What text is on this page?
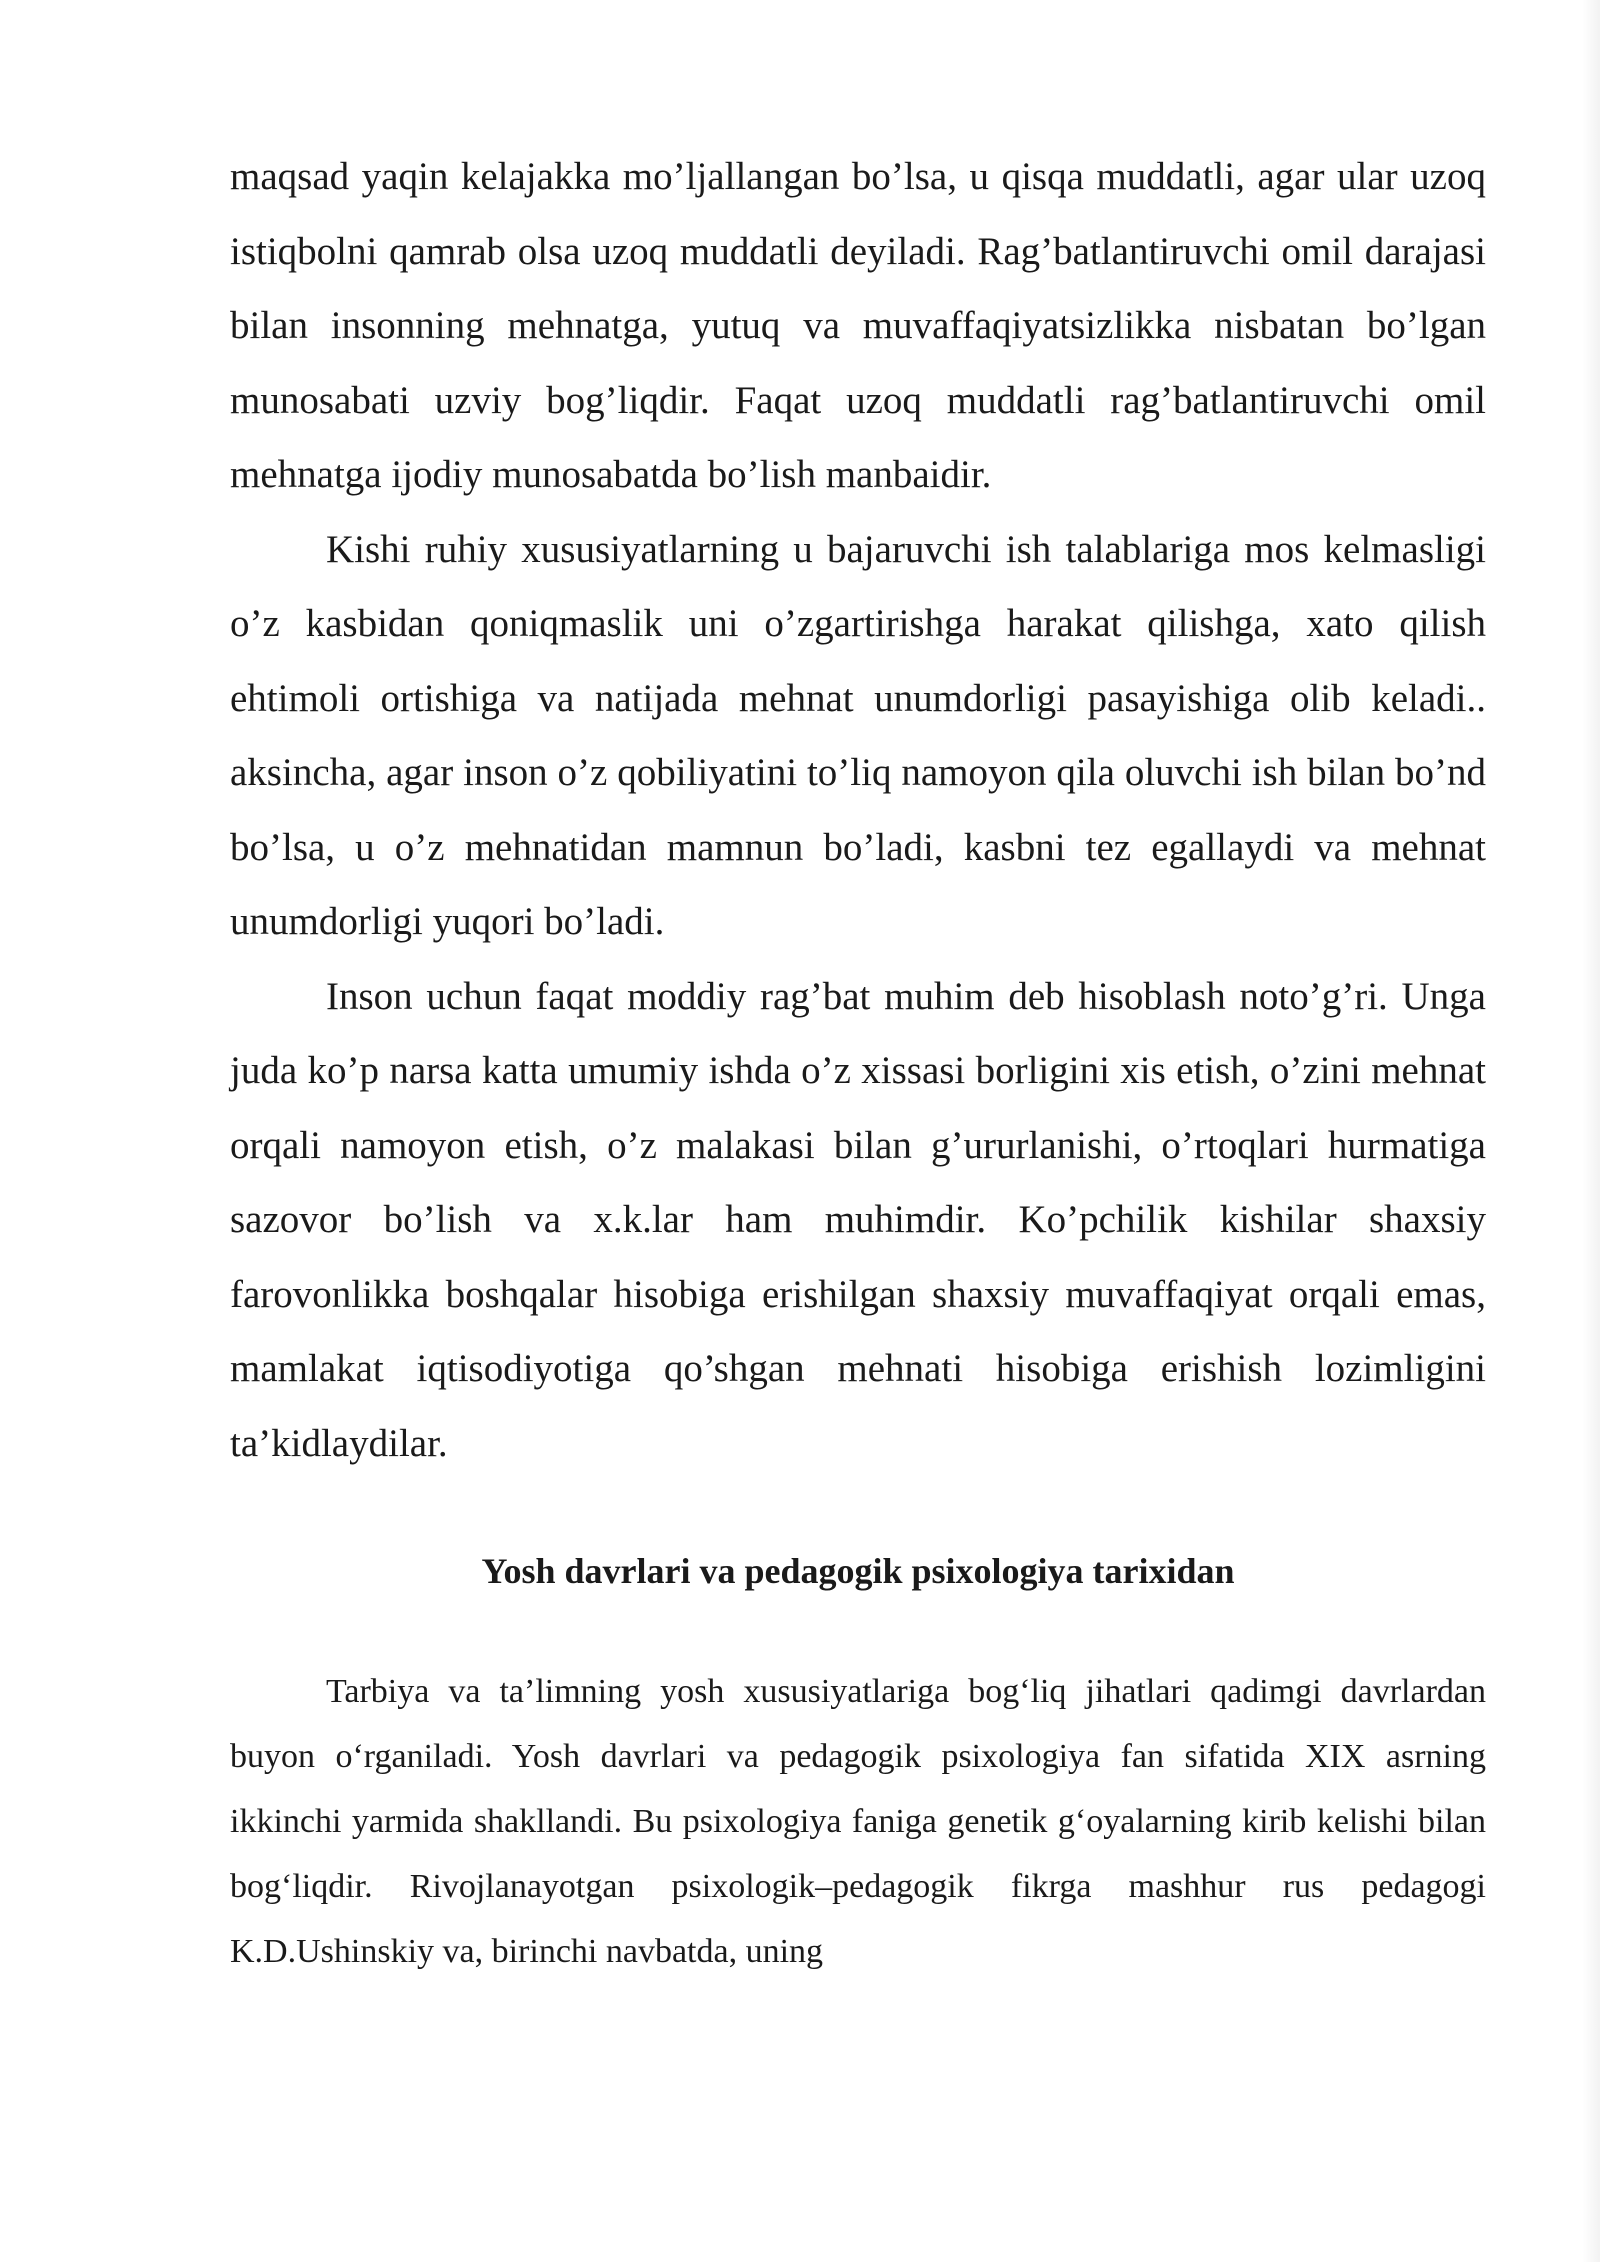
maqsad yaqin kelajakka mo’ljallangan bo’lsa, u qisqa muddatli, agar ular uzoq istiqbolni qamrab olsa uzoq muddatli deyiladi. Rag’batlantiruvchi omil darajasi bilan insonning mehnatga, yutuq va muvaffaqiyatsizlikka nisbatan bo’lgan munosabati uzviy bog’liqdir. Faqat uzoq muddatli rag’batlantiruvchi omil mehnatga ijodiy munosabatda bo’lish manbaidir.

Kishi ruhiy xususiyatlarning u bajaruvchi ish talablariga mos kelmasligi o’z kasbidan qoniqmaslik uni o’zgartirishga harakat qilishga, xato qilish ehtimoli ortishiga va natijada mehnat unumdorligi pasayishiga olib keladi.. aksincha, agar inson o’z qobiliyatini to’liq namoyon qila oluvchi ish bilan bo’nd bo’lsa, u o’z mehnatidan mamnun bo’ladi, kasbni tez egallaydi va mehnat unumdorligi yuqori bo’ladi.

Inson uchun faqat moddiy rag’bat muhim deb hisoblash noto’g’ri. Unga juda ko’p narsa katta umumiy ishda o’z xissasi borligini xis etish, o’zini mehnat orqali namoyon etish, o’z malakasi bilan g’ururlanishi, o’rtoqlari hurmatiga sazovor bo’lish va x.k.lar ham muhimdir. Ko’pchilik kishilar shaxsiy farovonlikka boshqalar hisobiga erishilgan shaxsiy muvaffaqiyat orqali emas, mamlakat iqtisodiyotiga qo’shgan mehnati hisobiga erishish lozimligini ta’kidlaydilar.

Yosh davrlari va pedagogik psixologiya tarixidan

Tarbiya va ta’limning yosh xususiyatlariga bog‘liq jihatlari qadimgi davrlardan buyon o‘rganiladi. Yosh davrlari va pedagogik psixologiya fan sifatida XIX asrning ikkinchi yarmida shakllandi. Bu psixologiya faniga genetik g‘oyalarning kirib kelishi bilan bog‘liqdir. Rivojlanayotgan psixologik–pedagogik fikrga mashhur rus pedagogi K.D.Ushinskiy va, birinchi navbatda, uning
